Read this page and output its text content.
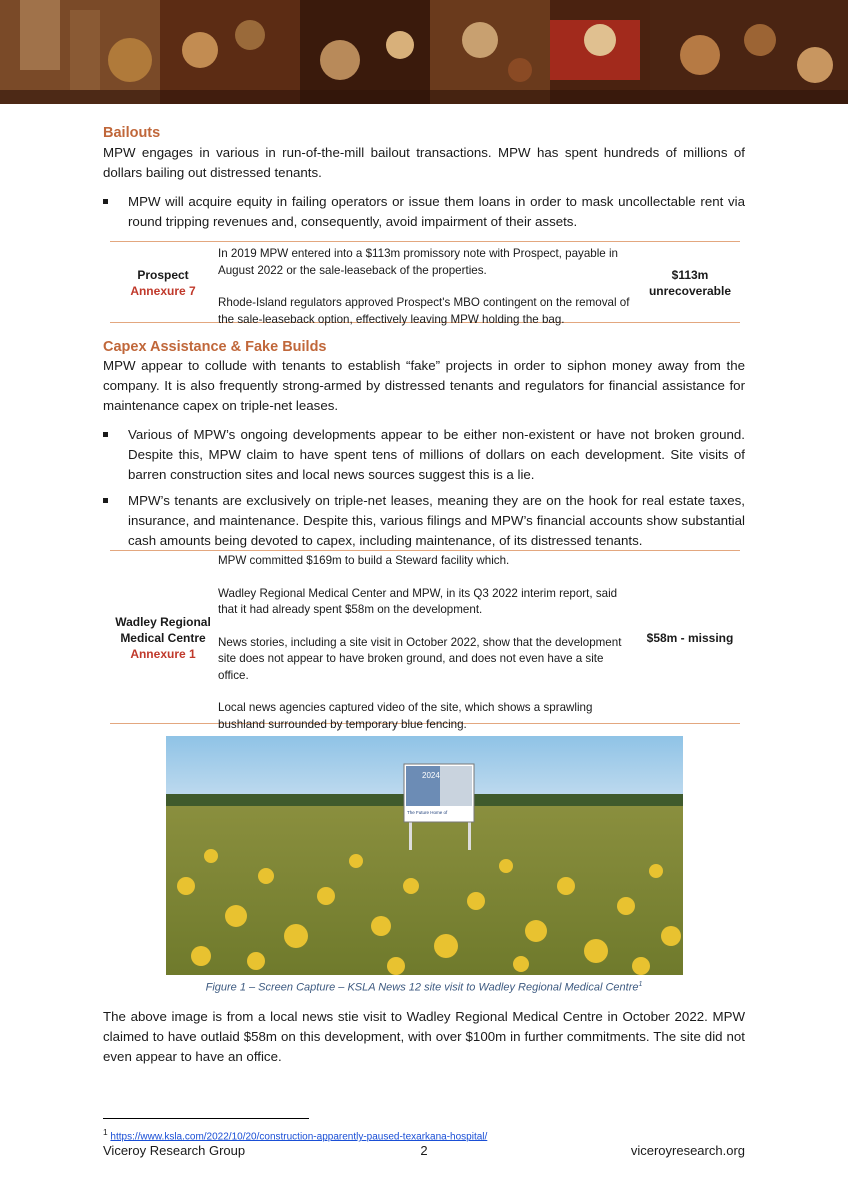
Bailouts

MPW engages in various in run-of-the-mill bailout transactions. MPW has spent hundreds of millions of dollars bailing out distressed tenants.

MPW will acquire equity in failing operators or issue them loans in order to mask uncollectable rent via round tripping revenues and, consequently, avoid impairment of their assets.
Prospect
Annexure 7

In 2019 MPW entered into a $113m promissory note with Prospect, payable in August 2022 or the sale-leaseback of the properties.

Rhode-Island regulators approved Prospect's MBO contingent on the removal of the sale-leaseback option, effectively leaving MPW holding the bag.

$113m
unrecoverable
Capex Assistance & Fake Builds

MPW appear to collude with tenants to establish “fake” projects in order to siphon money away from the company. It is also frequently strong-armed by distressed tenants and regulators for financial assistance for maintenance capex on triple-net leases.

Various of MPW’s ongoing developments appear to be either non-existent or have not broken ground. Despite this, MPW claim to have spent tens of millions of dollars on each development. Site visits of barren construction sites and local news sources suggest this is a lie.
MPW’s tenants are exclusively on triple-net leases, meaning they are on the hook for real estate taxes, insurance, and maintenance. Despite this, various filings and MPW’s financial accounts show substantial cash amounts being devoted to capex, including maintenance, of its distressed tenants.
Wadley Regional
Medical Centre
Annexure 1

MPW committed $169m to build a Steward facility which.

Wadley Regional Medical Center and MPW, in its Q3 2022 interim report, said that it had already spent $58m on the development.

News stories, including a site visit in October 2022, show that the development site does not appear to have broken ground, and does not even have a site office.

Local news agencies captured video of the site, which shows a sprawling bushland surrounded by temporary blue fencing.

$58m - missing
2024
The Future Home of
Figure 1 – Screen Capture – KSLA News 12 site visit to Wadley Regional Medical Centre$^1$

The above image is from a local news stie visit to Wadley Regional Medical Centre in October 2022. MPW claimed to have outlaid $58m on this development, with over $100m in further commitments. The site did not even appear to have an office.

$^1$ https://www.ksla.com/2022/10/20/construction-apparently-paused-texarkana-hospital/
Viceroy Research Group	2	viceroyresearch.org
